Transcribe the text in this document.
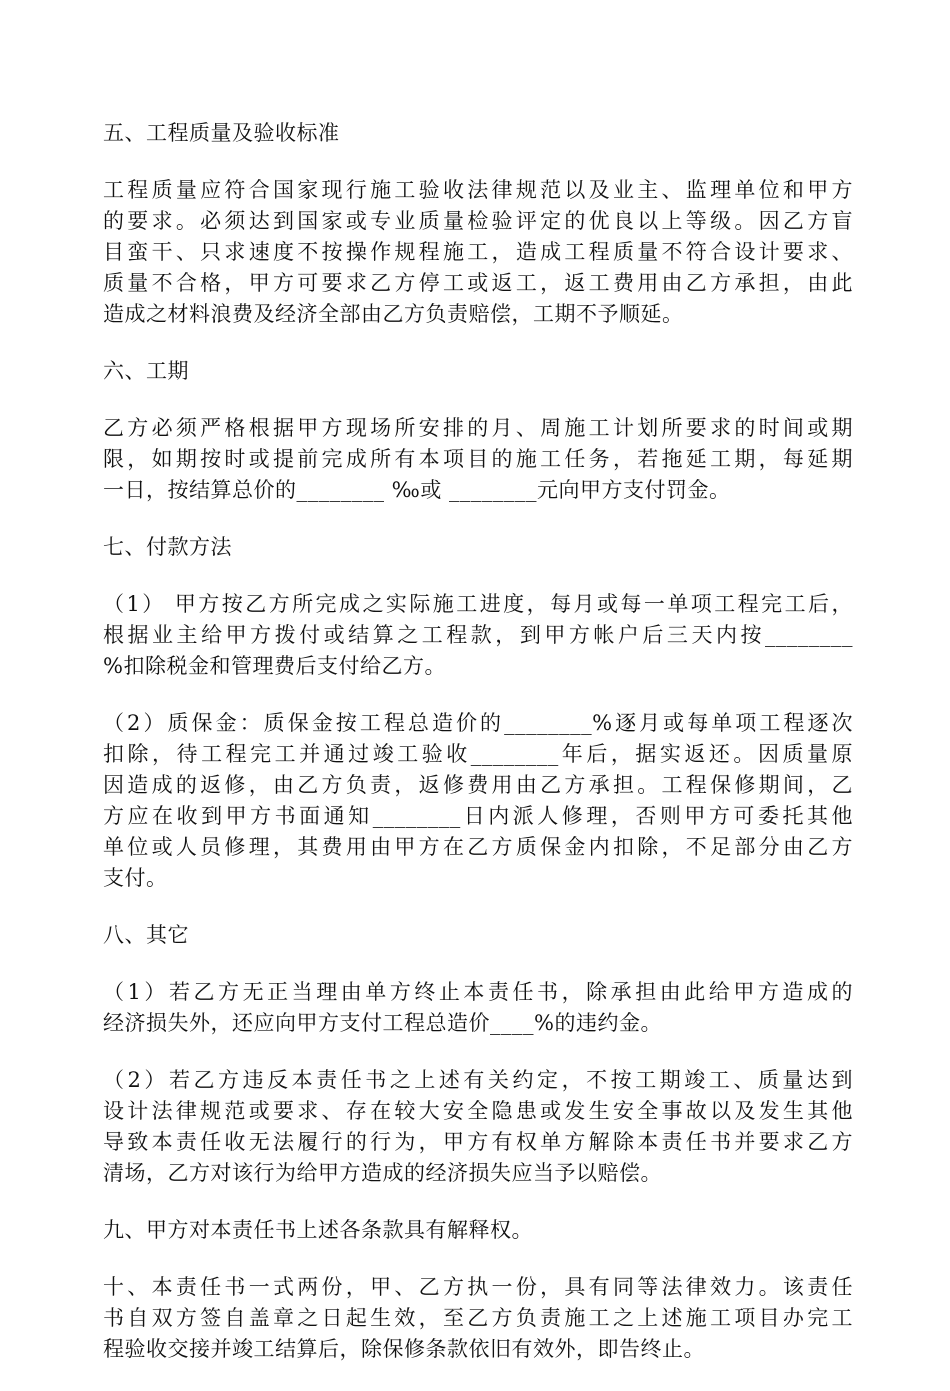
五、工程质量及验收标准
工程质量应符合国家现行施工验收法律规范以及业主、监理单位和甲方
的要求。必须达到国家或专业质量检验评定的优良以上等级。因乙方盲
目蛮干、只求速度不按操作规程施工，造成工程质量不符合设计要求、
质量不合格，甲方可要求乙方停工或返工，返工费用由乙方承担，由此
造成之材料浪费及经济全部由乙方负责赔偿，工期不予顺延。
六、工期
乙方必须严格根据甲方现场所安排的月、周施工计划所要求的时间或期
限，如期按时或提前完成所有本项目的施工任务，若拖延工期，每延期
一日，按结算总价的________ ‰或 ________元向甲方支付罚金。
七、付款方法
（1） 甲方按乙方所完成之实际施工进度，每月或每一单项工程完工后，
根据业主给甲方拨付或结算之工程款，到甲方帐户后三天内按________
%扣除税金和管理费后支付给乙方。
（2）质保金：质保金按工程总造价的________%逐月或每单项工程逐次
扣除，待工程完工并通过竣工验收________年后，据实返还。因质量原
因造成的返修，由乙方负责，返修费用由乙方承担。工程保修期间，乙
方应在收到甲方书面通知________日内派人修理，否则甲方可委托其他
单位或人员修理，其费用由甲方在乙方质保金内扣除，不足部分由乙方
支付。
八、其它
（1）若乙方无正当理由单方终止本责任书，除承担由此给甲方造成的
经济损失外，还应向甲方支付工程总造价____%的违约金。
（2）若乙方违反本责任书之上述有关约定，不按工期竣工、质量达到
设计法律规范或要求、存在较大安全隐患或发生安全事故以及发生其他
导致本责任收无法履行的行为，甲方有权单方解除本责任书并要求乙方
清场，乙方对该行为给甲方造成的经济损失应当予以赔偿。
九、甲方对本责任书上述各条款具有解释权。
十、本责任书一式两份，甲、乙方执一份，具有同等法律效力。该责任
书自双方签自盖章之日起生效，至乙方负责施工之上述施工项目办完工
程验收交接并竣工结算后，除保修条款依旧有效外，即告终止。
